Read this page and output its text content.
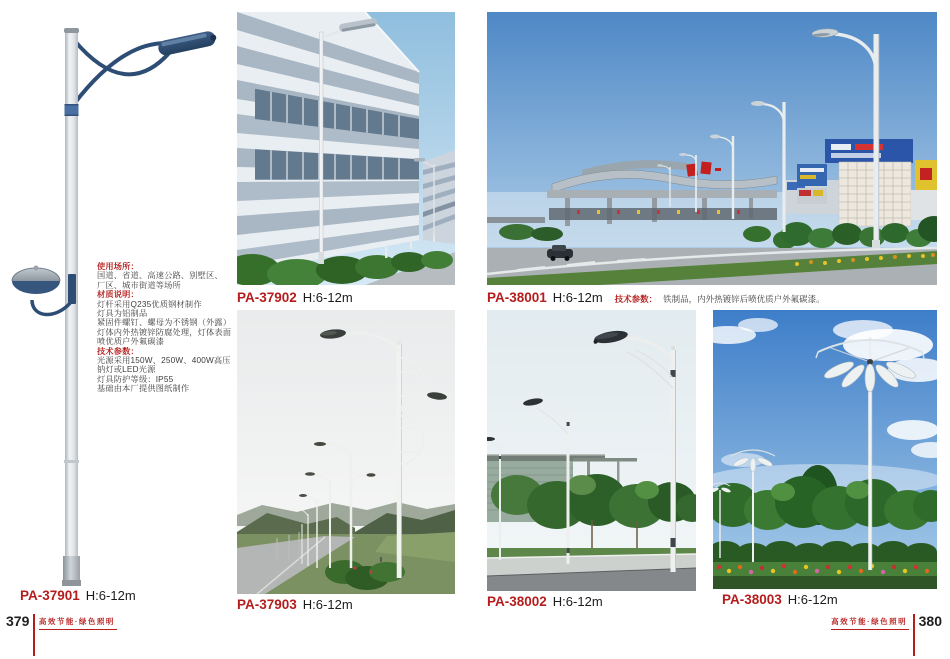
使用场所：
国道、省道、高速公路、别墅区、
厂区、城市街道等场所
材质说明：
灯杆采用Q235优质钢材制作
灯具为铝制品
紧固件螺钉、螺母为不锈钢（外露）
灯体内外热镀锌防腐处理，灯体表面
喷优质户外氟碳漆
技术参数：
光源采用150W、250W、400W高压
钠灯或LED光源
灯具防护等级：IP55
基础由本厂提供图纸制作
PA-37901 H:6-12m
PA-37902 H:6-12m
PA-37903 H:6-12m
PA-38001 H:6-12m 技术参数： 铁制品，内外热镀锌后喷优质户外氟碳漆。
PA-38002 H:6-12m	PA-38003 H:6-12m
379 高效节能·绿色照明	高效节能·绿色照明 380
